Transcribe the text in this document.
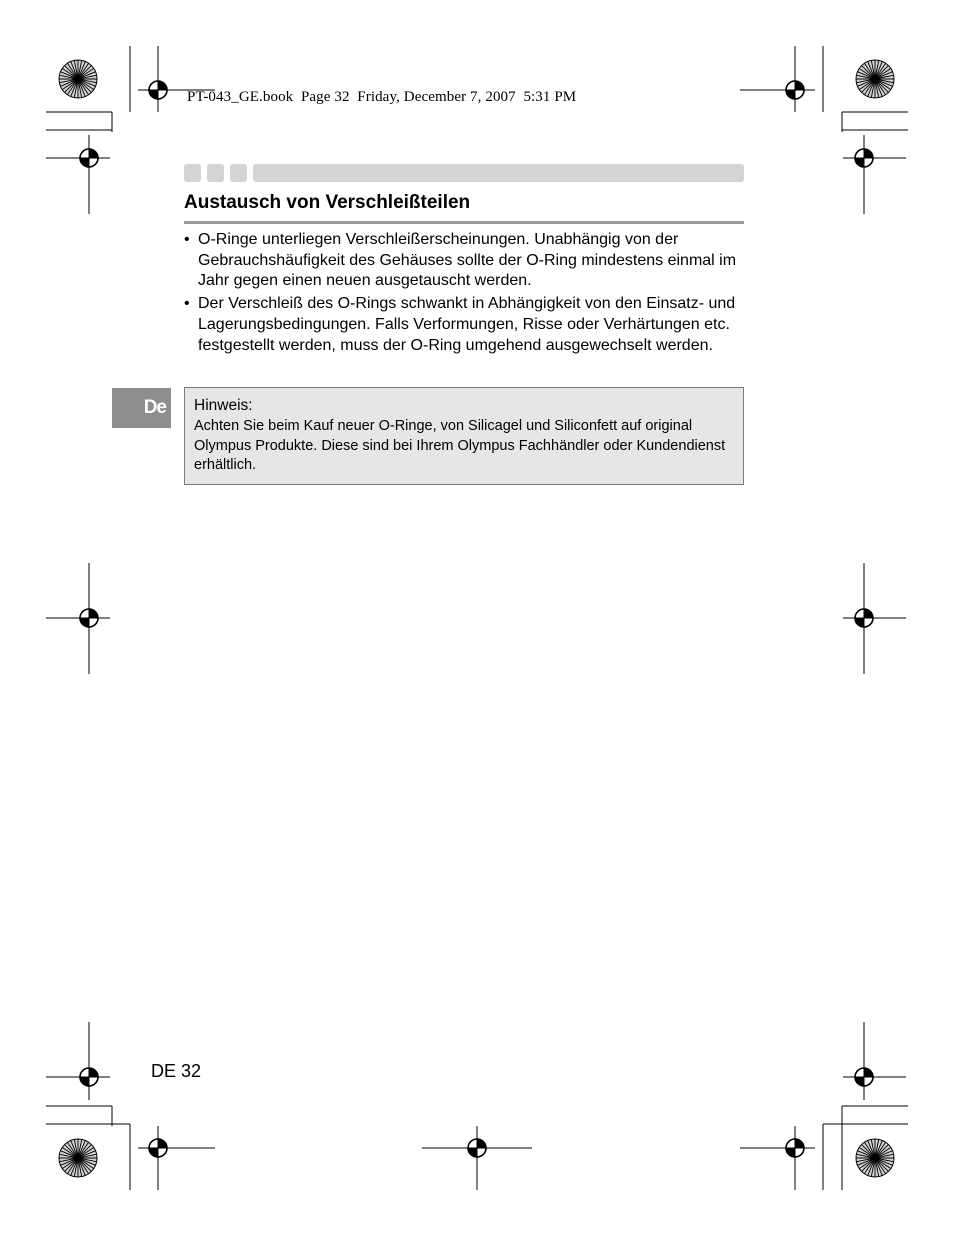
PT-043_GE.book  Page 32  Friday, December 7, 2007  5:31 PM
Austausch von Verschleißteilen
• O-Ringe unterliegen Verschleißerscheinungen. Unabhängig von der Gebrauchshäufigkeit des Gehäuses sollte der O-Ring mindestens einmal im Jahr gegen einen neuen ausgetauscht werden.
• Der Verschleiß des O-Rings schwankt in Abhängigkeit von den Einsatz- und Lagerungsbedingungen. Falls Verformungen, Risse oder Verhärtungen etc. festgestellt werden, muss der O-Ring umgehend ausgewechselt werden.
De	Hinweis:
Achten Sie beim Kauf neuer O-Ringe, von Silicagel und Siliconfett auf original Olympus Produkte. Diese sind bei Ihrem Olympus Fachhändler oder Kundendienst erhältlich.
DE 32
